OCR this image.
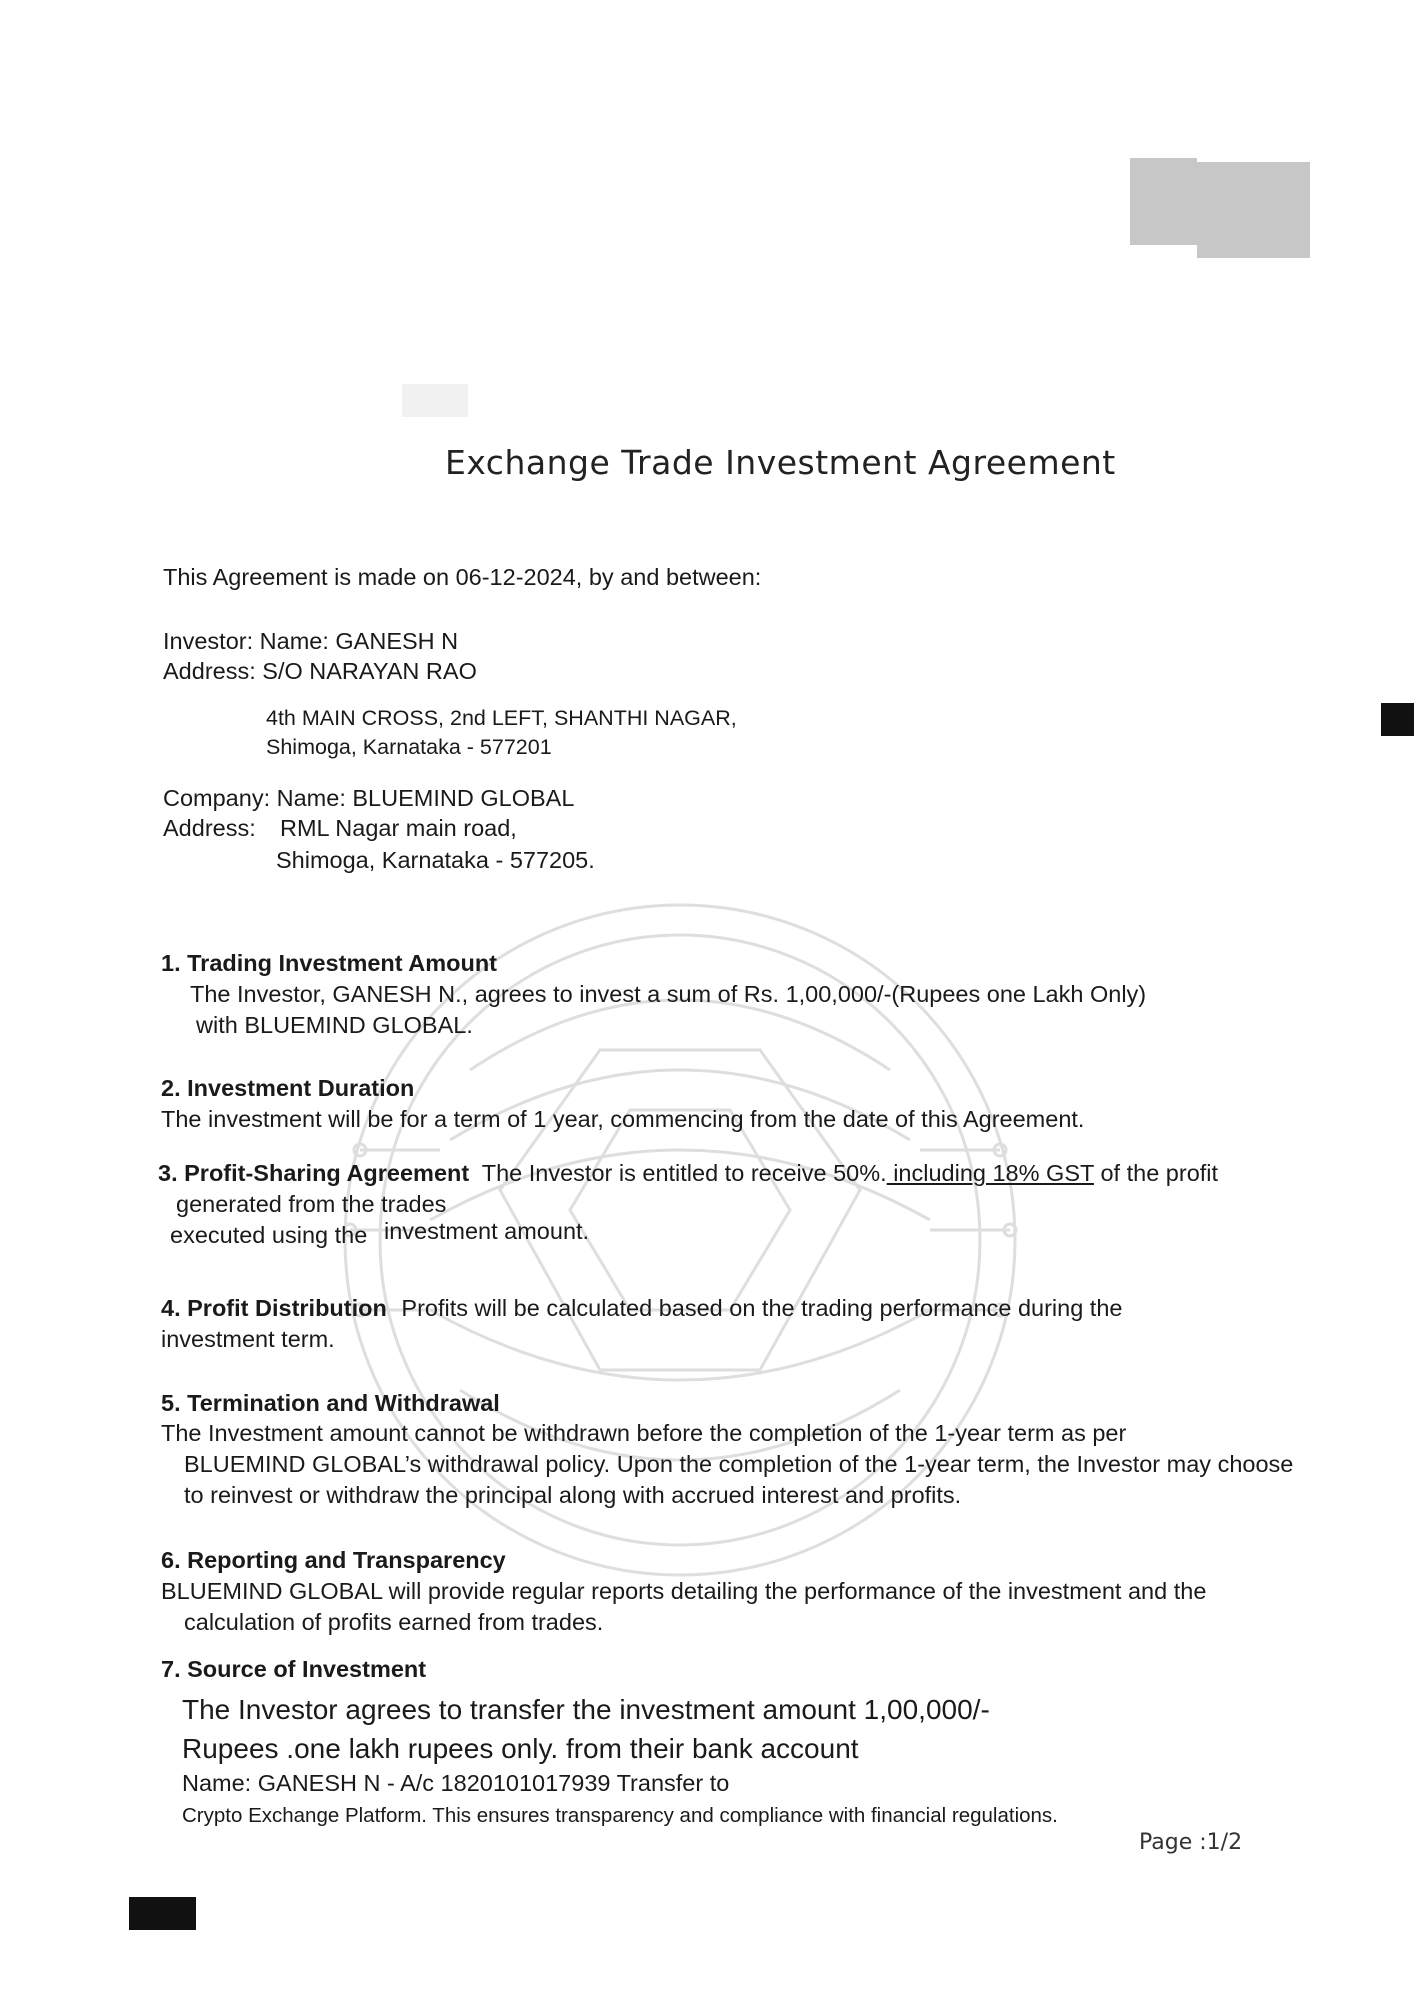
Exchange Trade Investment Agreement
This Agreement is made on 06-12-2024, by and between:
Investor: Name: GANESH N
Address: S/O NARAYAN RAO
4th MAIN CROSS, 2nd LEFT, SHANTHI NAGAR,
Shimoga, Karnataka - 577201
Company: Name: BLUEMIND GLOBAL
Address: RML Nagar main road,
Shimoga, Karnataka - 577205.
1. Trading Investment Amount
The Investor, GANESH N., agrees to invest a sum of Rs. 1,00,000/-(Rupees one Lakh Only)
with BLUEMIND GLOBAL.
2. Investment Duration
The investment will be for a term of 1 year, commencing from the date of this Agreement.
3. Profit-Sharing Agreement The Investor is entitled to receive 50%. including 18% GST of the profit
generated from the trades
executed using the investment amount.
4. Profit Distribution Profits will be calculated based on the trading performance during the
investment term.
5. Termination and Withdrawal
The Investment amount cannot be withdrawn before the completion of the 1-year term as per
BLUEMIND GLOBAL’s withdrawal policy. Upon the completion of the 1-year term, the Investor may choose
to reinvest or withdraw the principal along with accrued interest and profits.
6. Reporting and Transparency
BLUEMIND GLOBAL will provide regular reports detailing the performance of the investment and the
calculation of profits earned from trades.
7. Source of Investment
The Investor agrees to transfer the investment amount 1,00,000/-
Rupees .one lakh rupees only. from their bank account
Name: GANESH N - A/c 1820101017939 Transfer to
Crypto Exchange Platform. This ensures transparency and compliance with financial regulations.
Page :1/2
